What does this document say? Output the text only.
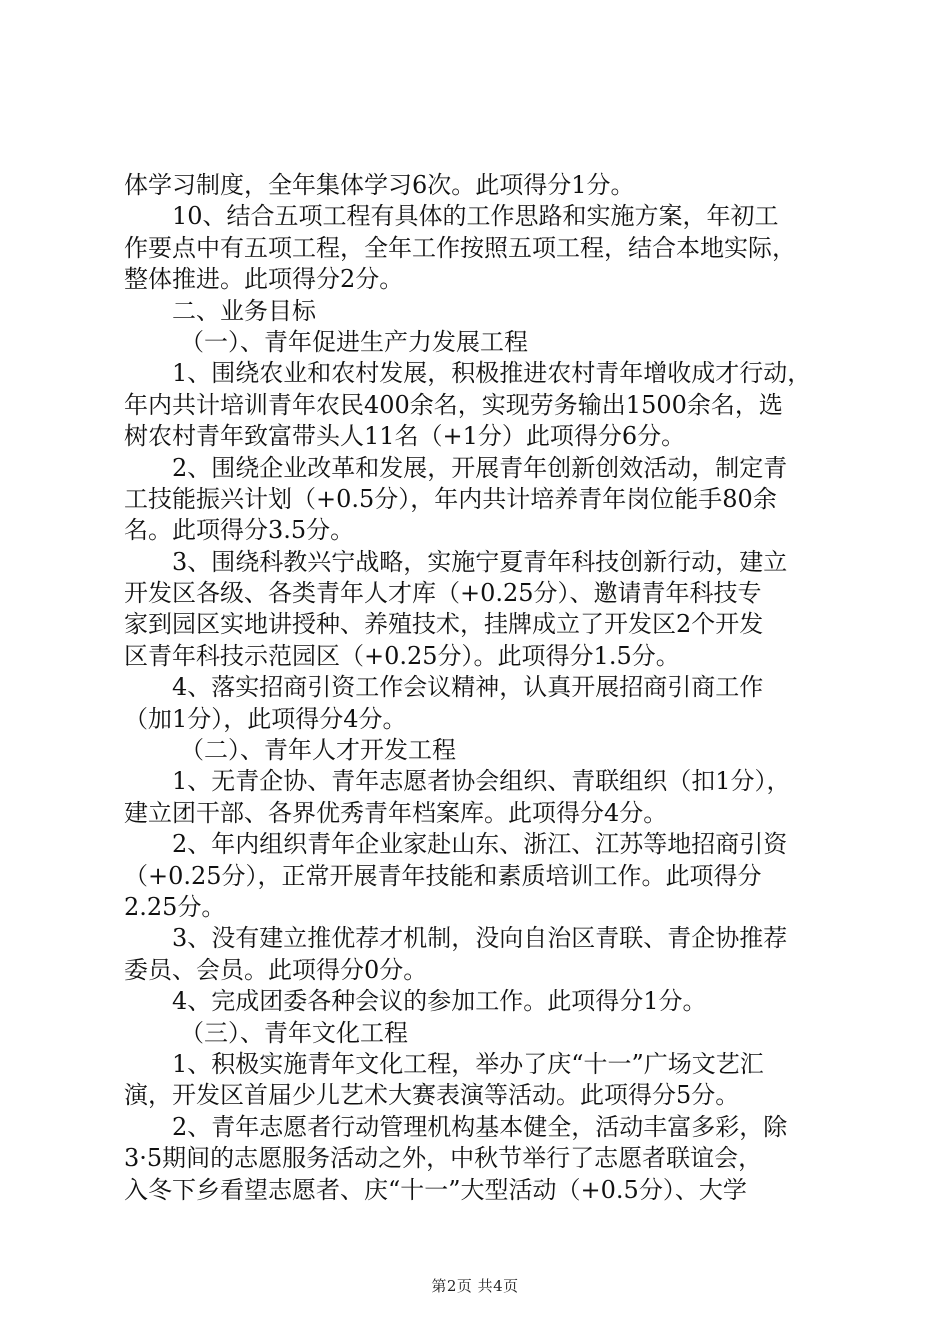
体学习制度，全年集体学习6次。此项得分1分。
10、结合五项工程有具体的工作思路和实施方案，年初工
作要点中有五项工程，全年工作按照五项工程，结合本地实际，
整体推进。此项得分2分。
二、业务目标
（一）、青年促进生产力发展工程
1、围绕农业和农村发展，积极推进农村青年增收成才行动，
年内共计培训青年农民400余名，实现劳务输出1500余名，选
树农村青年致富带头人11名（+1分）此项得分6分。
2、围绕企业改革和发展，开展青年创新创效活动，制定青
工技能振兴计划（+0.5分），年内共计培养青年岗位能手80余
名。此项得分3.5分。
3、围绕科教兴宁战略，实施宁夏青年科技创新行动，建立
开发区各级、各类青年人才库（+0.25分）、邀请青年科技专
家到园区实地讲授种、养殖技术，挂牌成立了开发区2个开发
区青年科技示范园区（+0.25分）。此项得分1.5分。
4、落实招商引资工作会议精神，认真开展招商引商工作
（加1分），此项得分4分。
（二）、青年人才开发工程
1、无青企协、青年志愿者协会组织、青联组织（扣1分），
建立团干部、各界优秀青年档案库。此项得分4分。
2、年内组织青年企业家赴山东、浙江、江苏等地招商引资
（+0.25分），正常开展青年技能和素质培训工作。此项得分
2.25分。
3、没有建立推优荐才机制，没向自治区青联、青企协推荐
委员、会员。此项得分0分。
4、完成团委各种会议的参加工作。此项得分1分。
（三）、青年文化工程
1、积极实施青年文化工程，举办了庆“十一”广场文艺汇
演，开发区首届少儿艺术大赛表演等活动。此项得分5分。
2、青年志愿者行动管理机构基本健全，活动丰富多彩，除
3·5期间的志愿服务活动之外，中秋节举行了志愿者联谊会，
入冬下乡看望志愿者、庆“十一”大型活动（+0.5分）、大学
第2页 共4页
